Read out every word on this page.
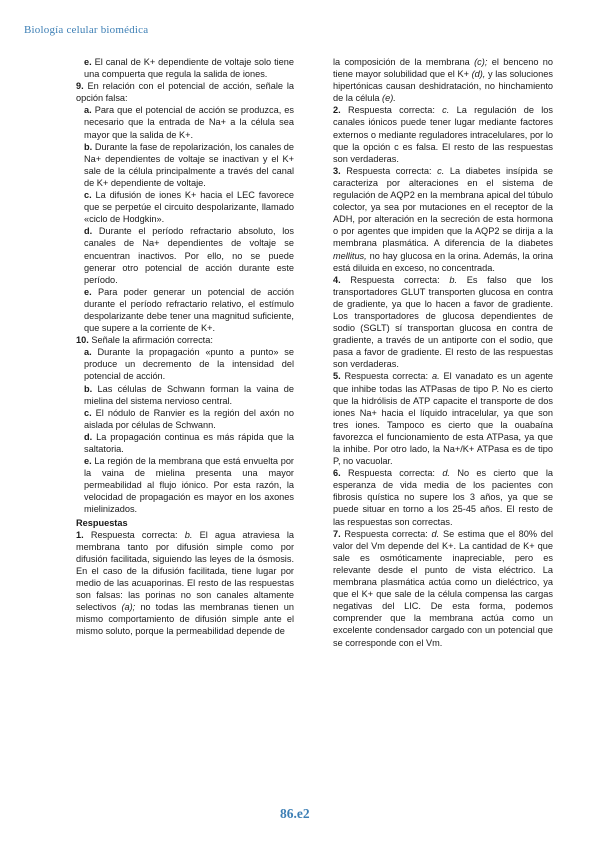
Biología celular biomédica

e. El canal de K+ dependiente de voltaje solo tiene una compuerta que regula la salida de iones.

9. En relación con el potencial de acción, señale la opción falsa:

a. Para que el potencial de acción se produzca, es necesario que la entrada de Na+ a la célula sea mayor que la salida de K+.

b. Durante la fase de repolarización, los canales de Na+ dependientes de voltaje se inactivan y el K+ sale de la célula principalmente a través del canal de K+ dependiente de voltaje.

c. La difusión de iones K+ hacia el LEC favorece que se perpetúe el circuito despolarizante, llamado «ciclo de Hodgkin».

d. Durante el período refractario absoluto, los canales de Na+ dependientes de voltaje se encuentran inactivos. Por ello, no se puede generar otro potencial de acción durante este período.

e. Para poder generar un potencial de acción durante el período refractario relativo, el estímulo despolarizante debe tener una magnitud suficiente, que supere a la corriente de K+.

10. Señale la afirmación correcta:

a. Durante la propagación «punto a punto» se produce un decremento de la intensidad del potencial de acción.

b. Las células de Schwann forman la vaina de mielina del sistema nervioso central.

c. El nódulo de Ranvier es la región del axón no aislada por células de Schwann.

d. La propagación continua es más rápida que la saltatoria.

e. La región de la membrana que está envuelta por la vaina de mielina presenta una mayor permeabilidad al flujo iónico. Por esta razón, la velocidad de propagación es mayor en los axones mielinizados.

Respuestas

1. Respuesta correcta: b. El agua atraviesa la membrana tanto por difusión simple como por difusión facilitada, siguiendo las leyes de la ósmosis. En el caso de la difusión facilitada, tiene lugar por medio de las acuaporinas. El resto de las respuestas son falsas: las porinas no son canales altamente selectivos (a); no todas las membranas tienen un mismo comportamiento de difusión simple ante el mismo soluto, porque la permeabilidad depende de

la composición de la membrana (c); el benceno no tiene mayor solubilidad que el K+ (d), y las soluciones hipertónicas causan deshidratación, no hinchamiento de la célula (e).

2. Respuesta correcta: c. La regulación de los canales iónicos puede tener lugar mediante factores externos o mediante reguladores intracelulares, por lo que la opción c es falsa. El resto de las respuestas son verdaderas.

3. Respuesta correcta: c. La diabetes insípida se caracteriza por alteraciones en el sistema de regulación de AQP2 en la membrana apical del túbulo colector, ya sea por mutaciones en el receptor de la ADH, por alteración en la secreción de esta hormona o por agentes que impiden que la AQP2 se dirija a la membrana plasmática. A diferencia de la diabetes mellitus, no hay glucosa en la orina. Además, la orina está diluida en exceso, no concentrada.

4. Respuesta correcta: b. Es falso que los transportadores GLUT transporten glucosa en contra de gradiente, ya que lo hacen a favor de gradiente. Los transportadores de glucosa dependientes de sodio (SGLT) sí transportan glucosa en contra de gradiente, a través de un antiporte con el sodio, que pasa a favor de gradiente. El resto de las respuestas son verdaderas.

5. Respuesta correcta: a. El vanadato es un agente que inhibe todas las ATPasas de tipo P. No es cierto que la hidrólisis de ATP capacite el transporte de dos iones Na+ hacia el líquido intracelular, ya que son tres iones. Tampoco es cierto que la ouabaína favorezca el funcionamiento de esta ATPasa, ya que la inhibe. Por otro lado, la Na+/K+ ATPasa es de tipo P, no vacuolar.

6. Respuesta correcta: d. No es cierto que la esperanza de vida media de los pacientes con fibrosis quística no supere los 3 años, ya que se puede situar en torno a los 25-45 años. El resto de las respuestas son correctas.

7. Respuesta correcta: d. Se estima que el 80% del valor del Vm depende del K+. La cantidad de K+ que sale es osmóticamente inapreciable, pero es relevante desde el punto de vista eléctrico. La membrana plasmática actúa como un dieléctrico, ya que el K+ que sale de la célula compensa las cargas negativas del LIC. De esta forma, podemos comprender que la membrana actúa como un excelente condensador cargado con un potencial que se corresponde con el Vm.

86.e2
